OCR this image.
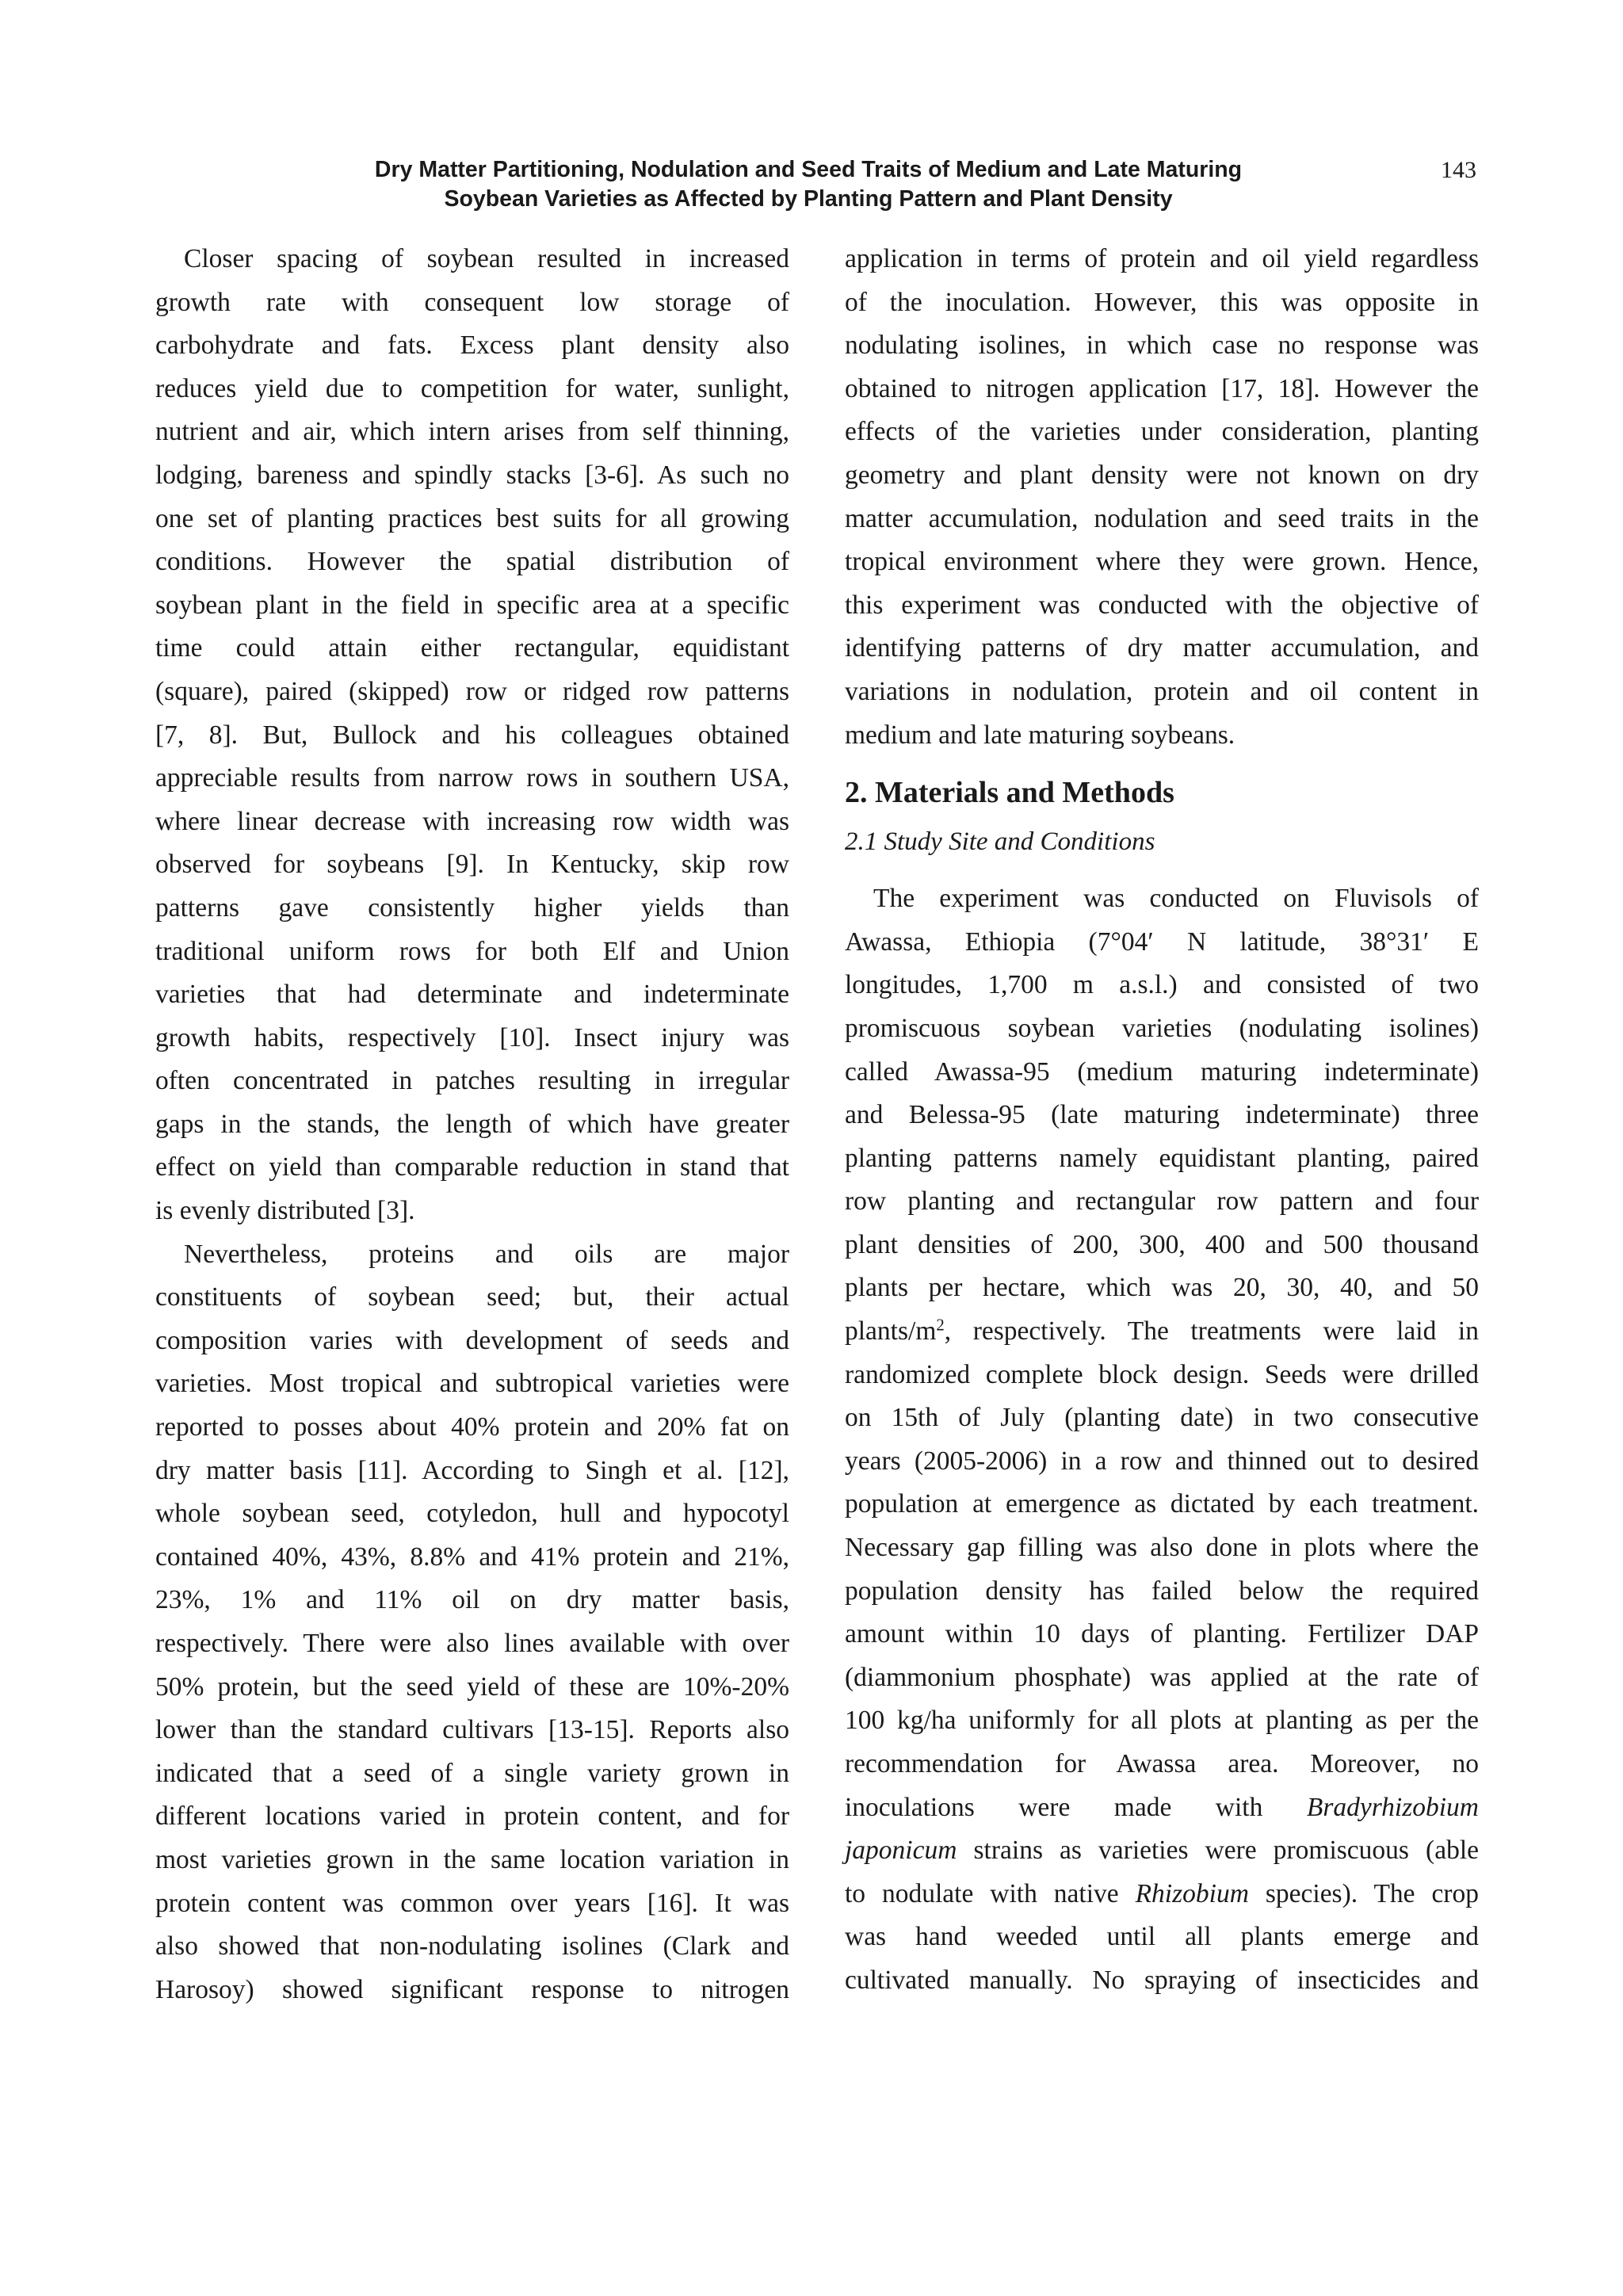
Dry Matter Partitioning, Nodulation and Seed Traits of Medium and Late Maturing
Soybean Varieties as Affected by Planting Pattern and Plant Density
143

Closer spacing of soybean resulted in increased

growth rate with consequent low storage of

carbohydrate and fats. Excess plant density also

reduces yield due to competition for water, sunlight,

nutrient and air, which intern arises from self thinning,

lodging, bareness and spindly stacks [3-6]. As such no

one set of planting practices best suits for all growing

conditions. However the spatial distribution of

soybean plant in the field in specific area at a specific

time could attain either rectangular, equidistant

(square), paired (skipped) row or ridged row patterns

[7, 8]. But, Bullock and his colleagues obtained

appreciable results from narrow rows in southern USA,

where linear decrease with increasing row width was

observed for soybeans [9]. In Kentucky, skip row

patterns gave consistently higher yields than

traditional uniform rows for both Elf and Union

varieties that had determinate and indeterminate

growth habits, respectively [10]. Insect injury was

often concentrated in patches resulting in irregular

gaps in the stands, the length of which have greater

effect on yield than comparable reduction in stand that

is evenly distributed [3].

Nevertheless, proteins and oils are major

constituents of soybean seed; but, their actual

composition varies with development of seeds and

varieties. Most tropical and subtropical varieties were

reported to posses about 40% protein and 20% fat on

dry matter basis [11]. According to Singh et al. [12],

whole soybean seed, cotyledon, hull and hypocotyl

contained 40%, 43%, 8.8% and 41% protein and 21%,

23%, 1% and 11% oil on dry matter basis,

respectively. There were also lines available with over

50% protein, but the seed yield of these are 10%-20%

lower than the standard cultivars [13-15]. Reports also

indicated that a seed of a single variety grown in

different locations varied in protein content, and for

most varieties grown in the same location variation in

protein content was common over years [16]. It was

also showed that non-nodulating isolines (Clark and

Harosoy) showed significant response to nitrogen

application in terms of protein and oil yield regardless

of the inoculation. However, this was opposite in

nodulating isolines, in which case no response was

obtained to nitrogen application [17, 18]. However the

effects of the varieties under consideration, planting

geometry and plant density were not known on dry

matter accumulation, nodulation and seed traits in the

tropical environment where they were grown. Hence,

this experiment was conducted with the objective of

identifying patterns of dry matter accumulation, and

variations in nodulation, protein and oil content in

medium and late maturing soybeans.

2. Materials and Methods
2.1 Study Site and Conditions

The experiment was conducted on Fluvisols of

Awassa, Ethiopia (7°04′ N latitude, 38°31′ E

longitudes, 1,700 m a.s.l.) and consisted of two

promiscuous soybean varieties (nodulating isolines)

called Awassa-95 (medium maturing indeterminate)

and Belessa-95 (late maturing indeterminate) three

planting patterns namely equidistant planting, paired

row planting and rectangular row pattern and four

plant densities of 200, 300, 400 and 500 thousand

plants per hectare, which was 20, 30, 40, and 50

plants/$m^2$, respectively. The treatments were laid in

randomized complete block design. Seeds were drilled

on 15th of July (planting date) in two consecutive

years (2005-2006) in a row and thinned out to desired

population at emergence as dictated by each treatment.

Necessary gap filling was also done in plots where the

population density has failed below the required

amount within 10 days of planting. Fertilizer DAP

(diammonium phosphate) was applied at the rate of

100 kg/ha uniformly for all plots at planting as per the

recommendation for Awassa area. Moreover, no

inoculations were made with Bradyrhizobium

japonicum strains as varieties were promiscuous (able

to nodulate with native Rhizobium species). The crop

was hand weeded until all plants emerge and

cultivated manually. No spraying of insecticides and
